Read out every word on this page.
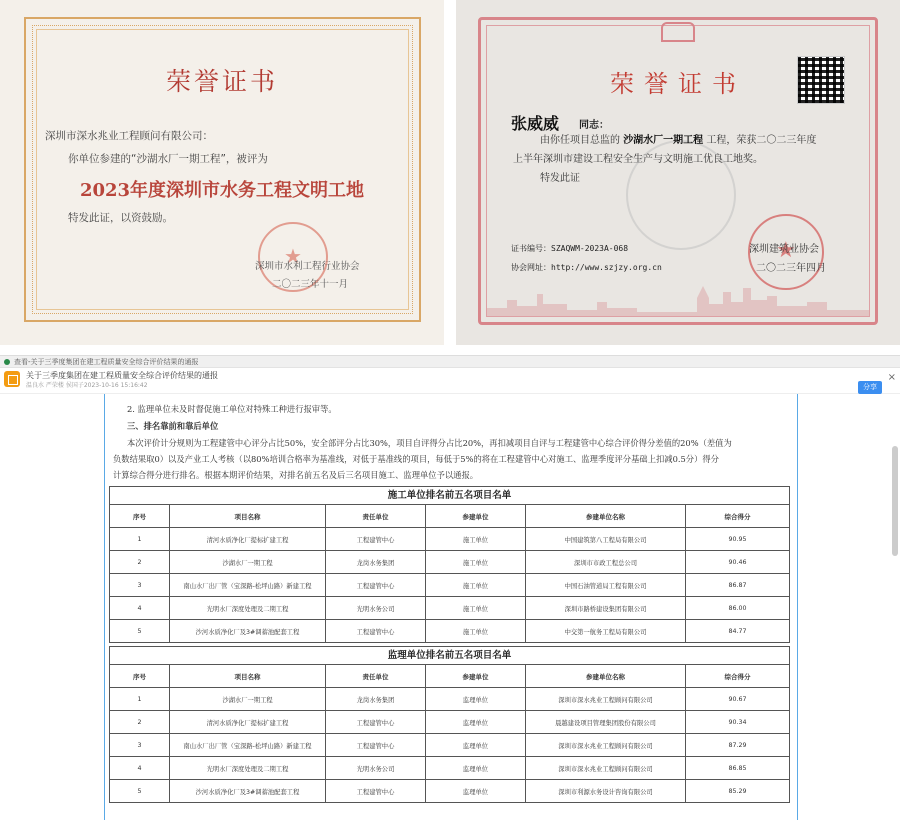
荣誉证书
深圳市深水兆业工程顾问有限公司：
你单位参建的“沙湖水厂一期工程”，被评为
2023年度深圳市水务工程文明工地
特发此证，以资鼓励。
★
深圳市水利工程行业协会
二〇二三年十一月
荣誉证书
张威威 同志：
由你任项目总监的 沙湖水厂一期工程 工程，荣获二〇二三年度
上半年深圳市建设工程安全生产与文明施工优良工地奖。
特发此证
★
证书编号：SZAQWM-2023A-068
协会网址：http://www.szjzy.org.cn
深圳建筑业协会
二〇二三年四月
查看-关于三季度集团在建工程质量安全综合评价结果的通报
关于三季度集团在建工程质量安全综合评价结果的通报
温良水 严荣楼 侯国子2023-10-16 15:16:42
×
分享
2. 监理单位未及时督促施工单位对特殊工种进行报审等。
三、排名靠前和靠后单位
本次评价计分规则为工程建管中心评分占比50%，安全部评分占比30%，项目自评得分占比20%，再扣减项目自评与工程建管中心综合评价得分差值的20%（差值为
负数结果取0）以及产业工人考核（以80%培训合格率为基准线，对低于基准线的项目，每低于5%的将在工程建管中心对施工、监理季度评分基础上扣减0.5分）得分
计算综合得分进行排名。根据本期评价结果，对排名前五名及后三名项目施工、监理单位予以通报。
施工单位排名前五名项目名单
序号	项目名称	责任单位	参建单位	参建单位名称	综合得分
1	清河水质净化厂提标扩建工程	工程建管中心	施工单位	中国建筑第八工程局有限公司	90.95
2	沙湖水厂一期工程	龙岗水务集团	施工单位	深圳市市政工程总公司	90.46
3	南山水厂出厂管（宝深路-松坪山路）新建工程	工程建管中心	施工单位	中国石油管道局工程有限公司	86.87
4	光明水厂深度处理及二期工程	光明水务公司	施工单位	深圳市路桥建设集团有限公司	86.00
5	沙河水质净化厂及3#调蓄池配套工程	工程建管中心	施工单位	中交第一航务工程局有限公司	84.77
监理单位排名前五名项目名单
序号	项目名称	责任单位	参建单位	参建单位名称	综合得分
1	沙湖水厂一期工程	龙岗水务集团	监理单位	深圳市深水兆业工程顾问有限公司	90.67
2	清河水质净化厂提标扩建工程	工程建管中心	监理单位	晨越建设项目管理集团股份有限公司	90.34
3	南山水厂出厂管（宝深路-松坪山路）新建工程	工程建管中心	监理单位	深圳市深水兆业工程顾问有限公司	87.29
4	光明水厂深度处理及二期工程	光明水务公司	监理单位	深圳市深水兆业工程顾问有限公司	86.85
5	沙河水质净化厂及3#调蓄池配套工程	工程建管中心	监理单位	深圳市利源水务设计咨询有限公司	85.29
